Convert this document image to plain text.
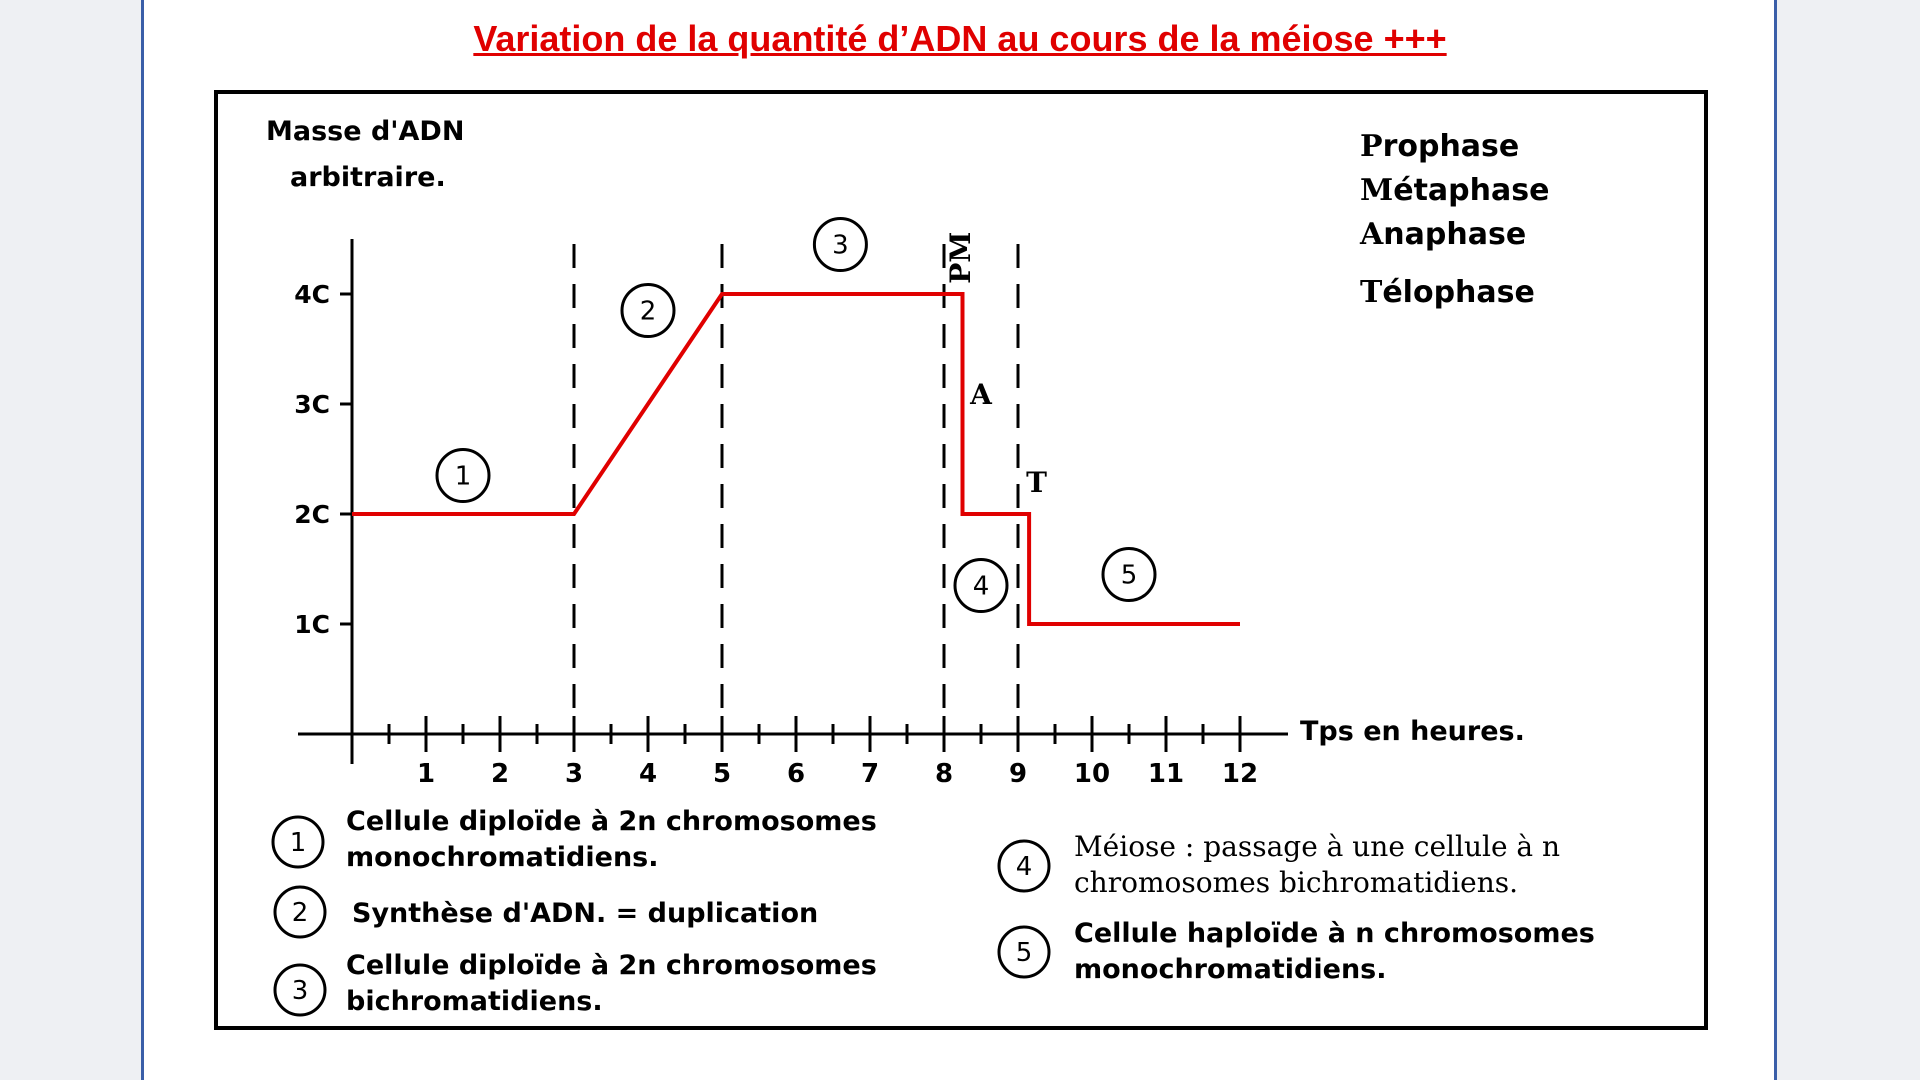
Variation de la quantité d’ADN au cours de la méiose +++
Masse d'ADN
arbitraire.
1C
2C
3C
4C
1 2 3 4 5 6 7 8 9 10 11 12
Tps en heures.
1
2
3
4	5
PM
A
T
Prophase
Métaphase
Anaphase
Télophase
1
Cellule diploïde à 2n chromosomes
monochromatidiens.
2 Synthèse d'ADN. = duplication
3
Cellule diploïde à 2n chromosomes
bichromatidiens.
4
Méiose : passage à une cellule à n
chromosomes bichromatidiens.
5
Cellule haploïde à n chromosomes
monochromatidiens.
